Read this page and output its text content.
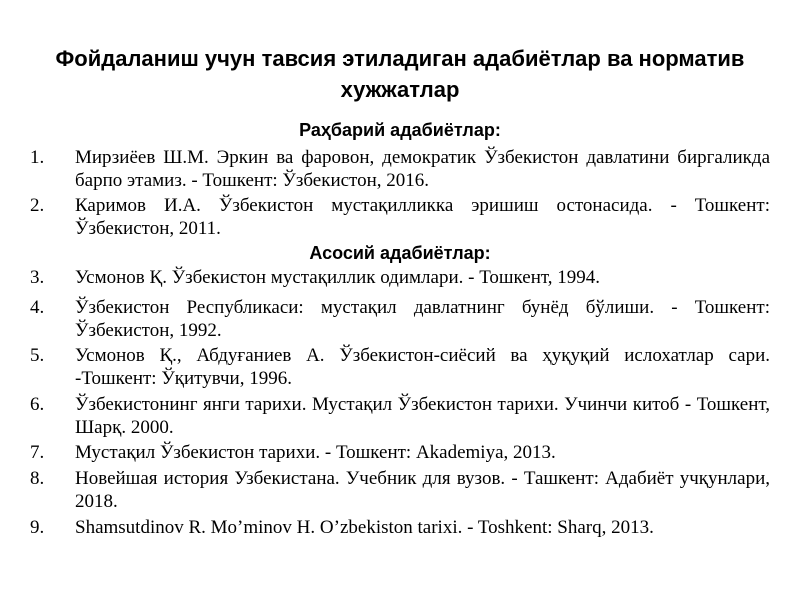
Фойдаланиш учун тавсия этиладиган адабиётлар ва норматив хужжатлар
Раҳбарий адабиётлар:
1. Мирзиёев Ш.М. Эркин ва фаровон, демократик Ўзбекистон давлатини биргаликда барпо этамиз. - Тошкент: Ўзбекистон, 2016.
2. Каримов И.А. Ўзбекистон мустақилликка эришиш остонасида. - Тошкент: Ўзбекистон, 2011.
3. Усмонов Қ. Ўзбекистон мустақиллик одимлари. - Тошкент, 1994.
4. Ўзбекистон Республикаси: мустақил давлатнинг бунёд бўлиши. - Тошкент: Ўзбекистон, 1992.
5. Усмонов Қ., Абдуғаниев А. Ўзбекистон-сиёсий ва ҳуқуқий ислохатлар сари. -Тошкент: Ўқитувчи, 1996.
6. Ўзбекистонинг янги тарихи. Мустақил Ўзбекистон тарихи. Учинчи китоб - Тошкент, Шарқ. 2000.
7. Мустақил Ўзбекистон тарихи. - Тошкент: Akademiya, 2013.
8. Новейшая история Узбекистана. Учебник для вузов. - Ташкент: Адабиёт учқунлари, 2018.
9. Shamsutdinov R. Mo’minov H. O’zbekiston tarixi. - Toshkent: Sharq, 2013.
Асосий адабиётлар:
